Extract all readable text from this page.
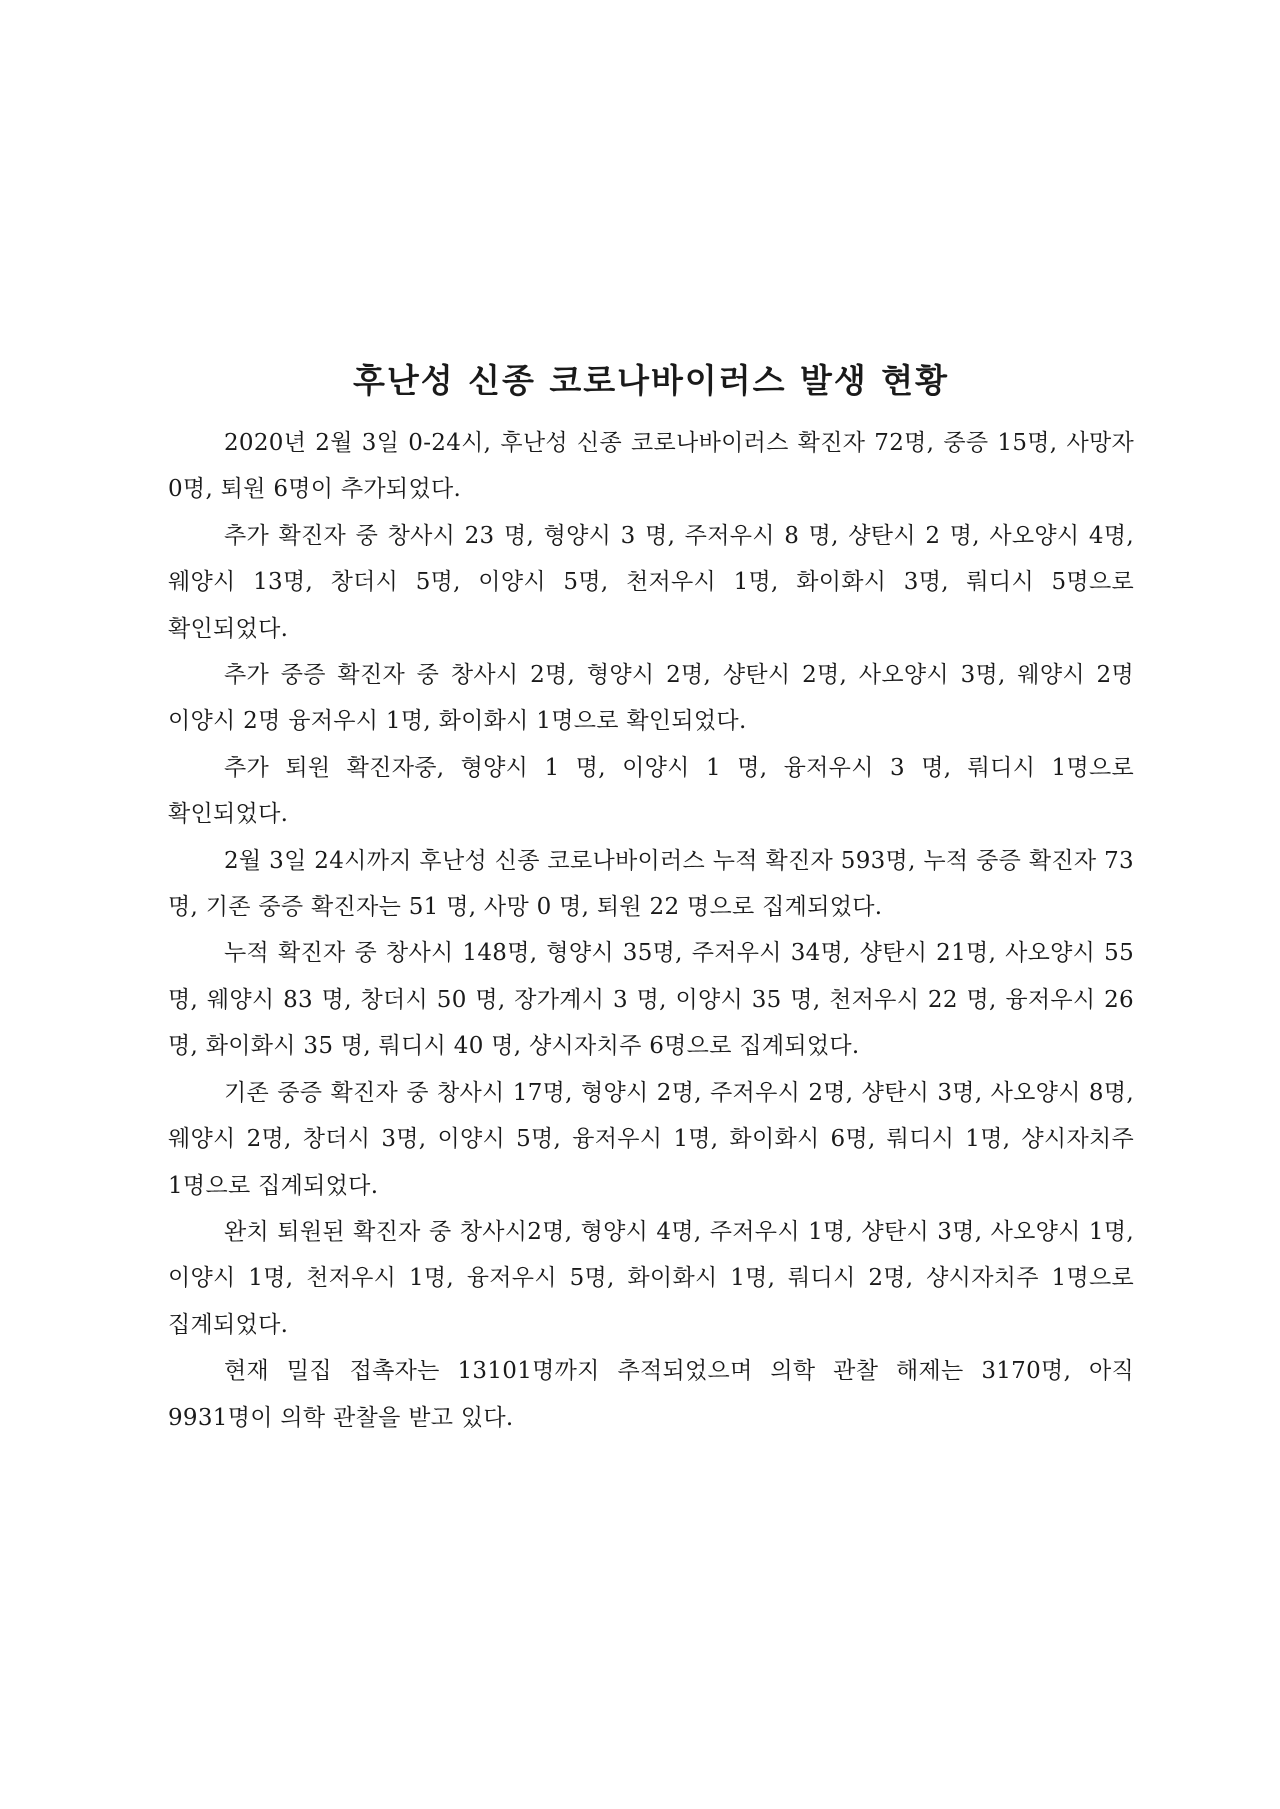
후난성 신종 코로나바이러스 발생 현황

2020년 2월 3일 0-24시, 후난성 신종 코로나바이러스 확진자 72명, 중증 15명, 사망자 0명, 퇴원 6명이 추가되었다.

추가 확진자 중 창사시 23 명, 형양시 3 명, 주저우시 8 명, 샹탄시 2 명, 사오양시 4명, 웨양시 13명, 창더시 5명, 이양시 5명, 천저우시 1명, 화이화시 3명, 뤄디시 5명으로 확인되었다.

추가 중증 확진자 중 창사시 2명, 형양시 2명, 샹탄시 2명, 사오양시 3명, 웨양시 2명 이양시 2명 융저우시 1명, 화이화시 1명으로 확인되었다.

추가 퇴원 확진자중, 형양시 1 명, 이양시 1 명, 융저우시 3 명, 뤄디시 1명으로 확인되었다.

2월 3일 24시까지 후난성 신종 코로나바이러스 누적 확진자 593명, 누적 중증 확진자 73 명, 기존 중증 확진자는 51 명, 사망 0 명, 퇴원 22 명으로 집계되었다.

누적 확진자 중 창사시 148명, 형양시 35명, 주저우시 34명, 샹탄시 21명, 사오양시 55 명, 웨양시 83 명, 창더시 50 명, 장가계시 3 명, 이양시 35 명, 천저우시 22 명, 융저우시 26 명, 화이화시 35 명, 뤄디시 40 명, 샹시자치주 6명으로 집계되었다.

기존 중증 확진자 중 창사시 17명, 형양시 2명, 주저우시 2명, 샹탄시 3명, 사오양시 8명, 웨양시 2명, 창더시 3명, 이양시 5명, 융저우시 1명, 화이화시 6명, 뤄디시 1명, 샹시자치주 1명으로 집계되었다.

완치 퇴원된 확진자 중 창사시2명, 형양시 4명, 주저우시 1명, 샹탄시 3명, 사오양시 1명, 이양시 1명, 천저우시 1명, 융저우시 5명, 화이화시 1명, 뤄디시 2명, 샹시자치주 1명으로 집계되었다.

현재 밀집 접촉자는 13101명까지 추적되었으며 의학 관찰 해제는 3170명, 아직 9931명이 의학 관찰을 받고 있다.
